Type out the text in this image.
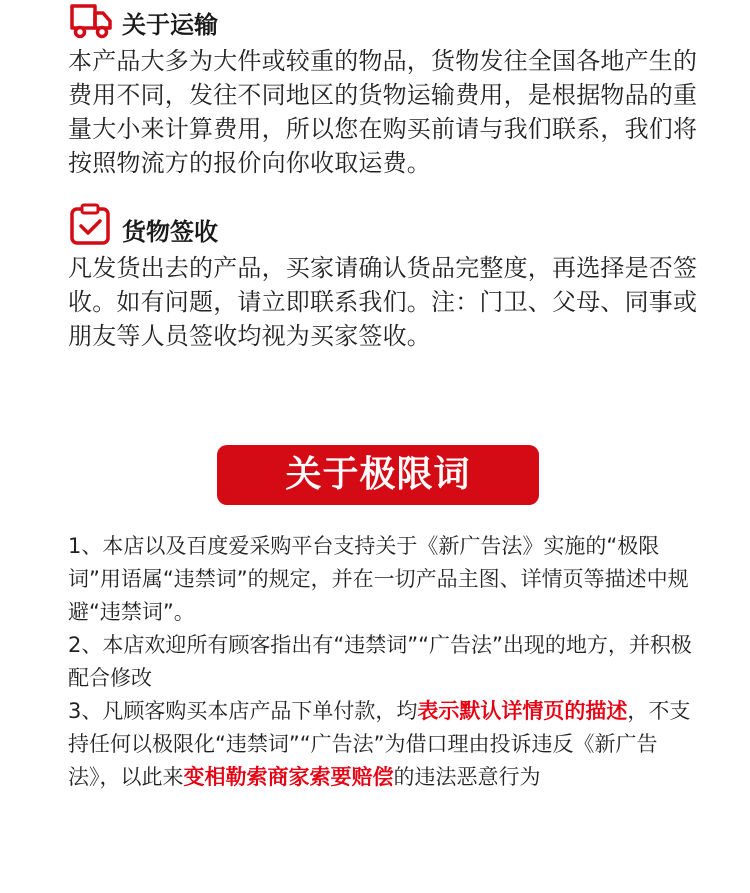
关于运输

本产品大多为大件或较重的物品，货物发往全国各地产生的费用不同，发往不同地区的货物运输费用，是根据物品的重量大小来计算费用，所以您在购买前请与我们联系，我们将按照物流方的报价向你收取运费。

货物签收

凡发货出去的产品，买家请确认货品完整度，再选择是否签收。如有问题，请立即联系我们。注：门卫、父母、同事或朋友等人员签收均视为买家签收。

关于极限词

1、本店以及百度爱采购平台支持关于《新广告法》实施的“极限词”用语属“违禁词”的规定，并在一切产品主图、详情页等描述中规避“违禁词”。

2、本店欢迎所有顾客指出有“违禁词”“广告法”出现的地方，并积极配合修改

3、凡顾客购买本店产品下单付款，均表示默认详情页的描述，不支持任何以极限化“违禁词”“广告法”为借口理由投诉违反《新广告法》，以此来变相勒索商家索要赔偿的违法恶意行为
